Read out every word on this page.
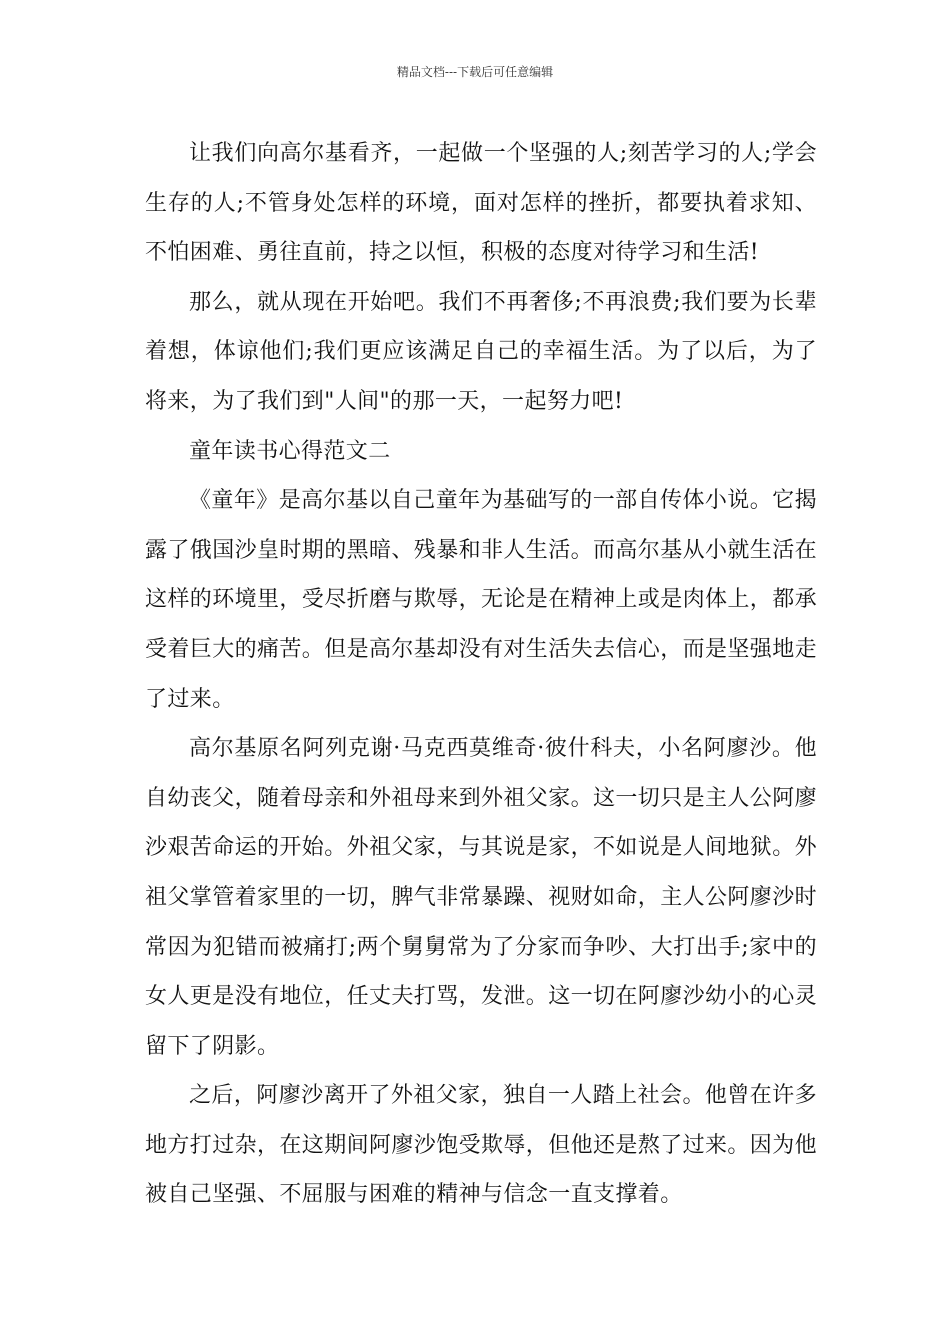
精品文档---下载后可任意编辑

让我们向高尔基看齐，一起做一个坚强的人;刻苦学习的人;学会生存的人;不管身处怎样的环境，面对怎样的挫折，都要执着求知、不怕困难、勇往直前，持之以恒，积极的态度对待学习和生活!

那么，就从现在开始吧。我们不再奢侈;不再浪费;我们要为长辈着想，体谅他们;我们更应该满足自己的幸福生活。为了以后，为了将来，为了我们到"人间"的那一天，一起努力吧!

童年读书心得范文二

《童年》是高尔基以自己童年为基础写的一部自传体小说。它揭露了俄国沙皇时期的黑暗、残暴和非人生活。而高尔基从小就生活在这样的环境里，受尽折磨与欺辱，无论是在精神上或是肉体上，都承受着巨大的痛苦。但是高尔基却没有对生活失去信心，而是坚强地走了过来。

高尔基原名阿列克谢·马克西莫维奇·彼什科夫，小名阿廖沙。他自幼丧父，随着母亲和外祖母来到外祖父家。这一切只是主人公阿廖沙艰苦命运的开始。外祖父家，与其说是家，不如说是人间地狱。外祖父掌管着家里的一切，脾气非常暴躁、视财如命，主人公阿廖沙时常因为犯错而被痛打;两个舅舅常为了分家而争吵、大打出手;家中的女人更是没有地位，任丈夫打骂，发泄。这一切在阿廖沙幼小的心灵留下了阴影。

之后，阿廖沙离开了外祖父家，独自一人踏上社会。他曾在许多地方打过杂，在这期间阿廖沙饱受欺辱，但他还是熬了过来。因为他被自己坚强、不屈服与困难的精神与信念一直支撑着。
